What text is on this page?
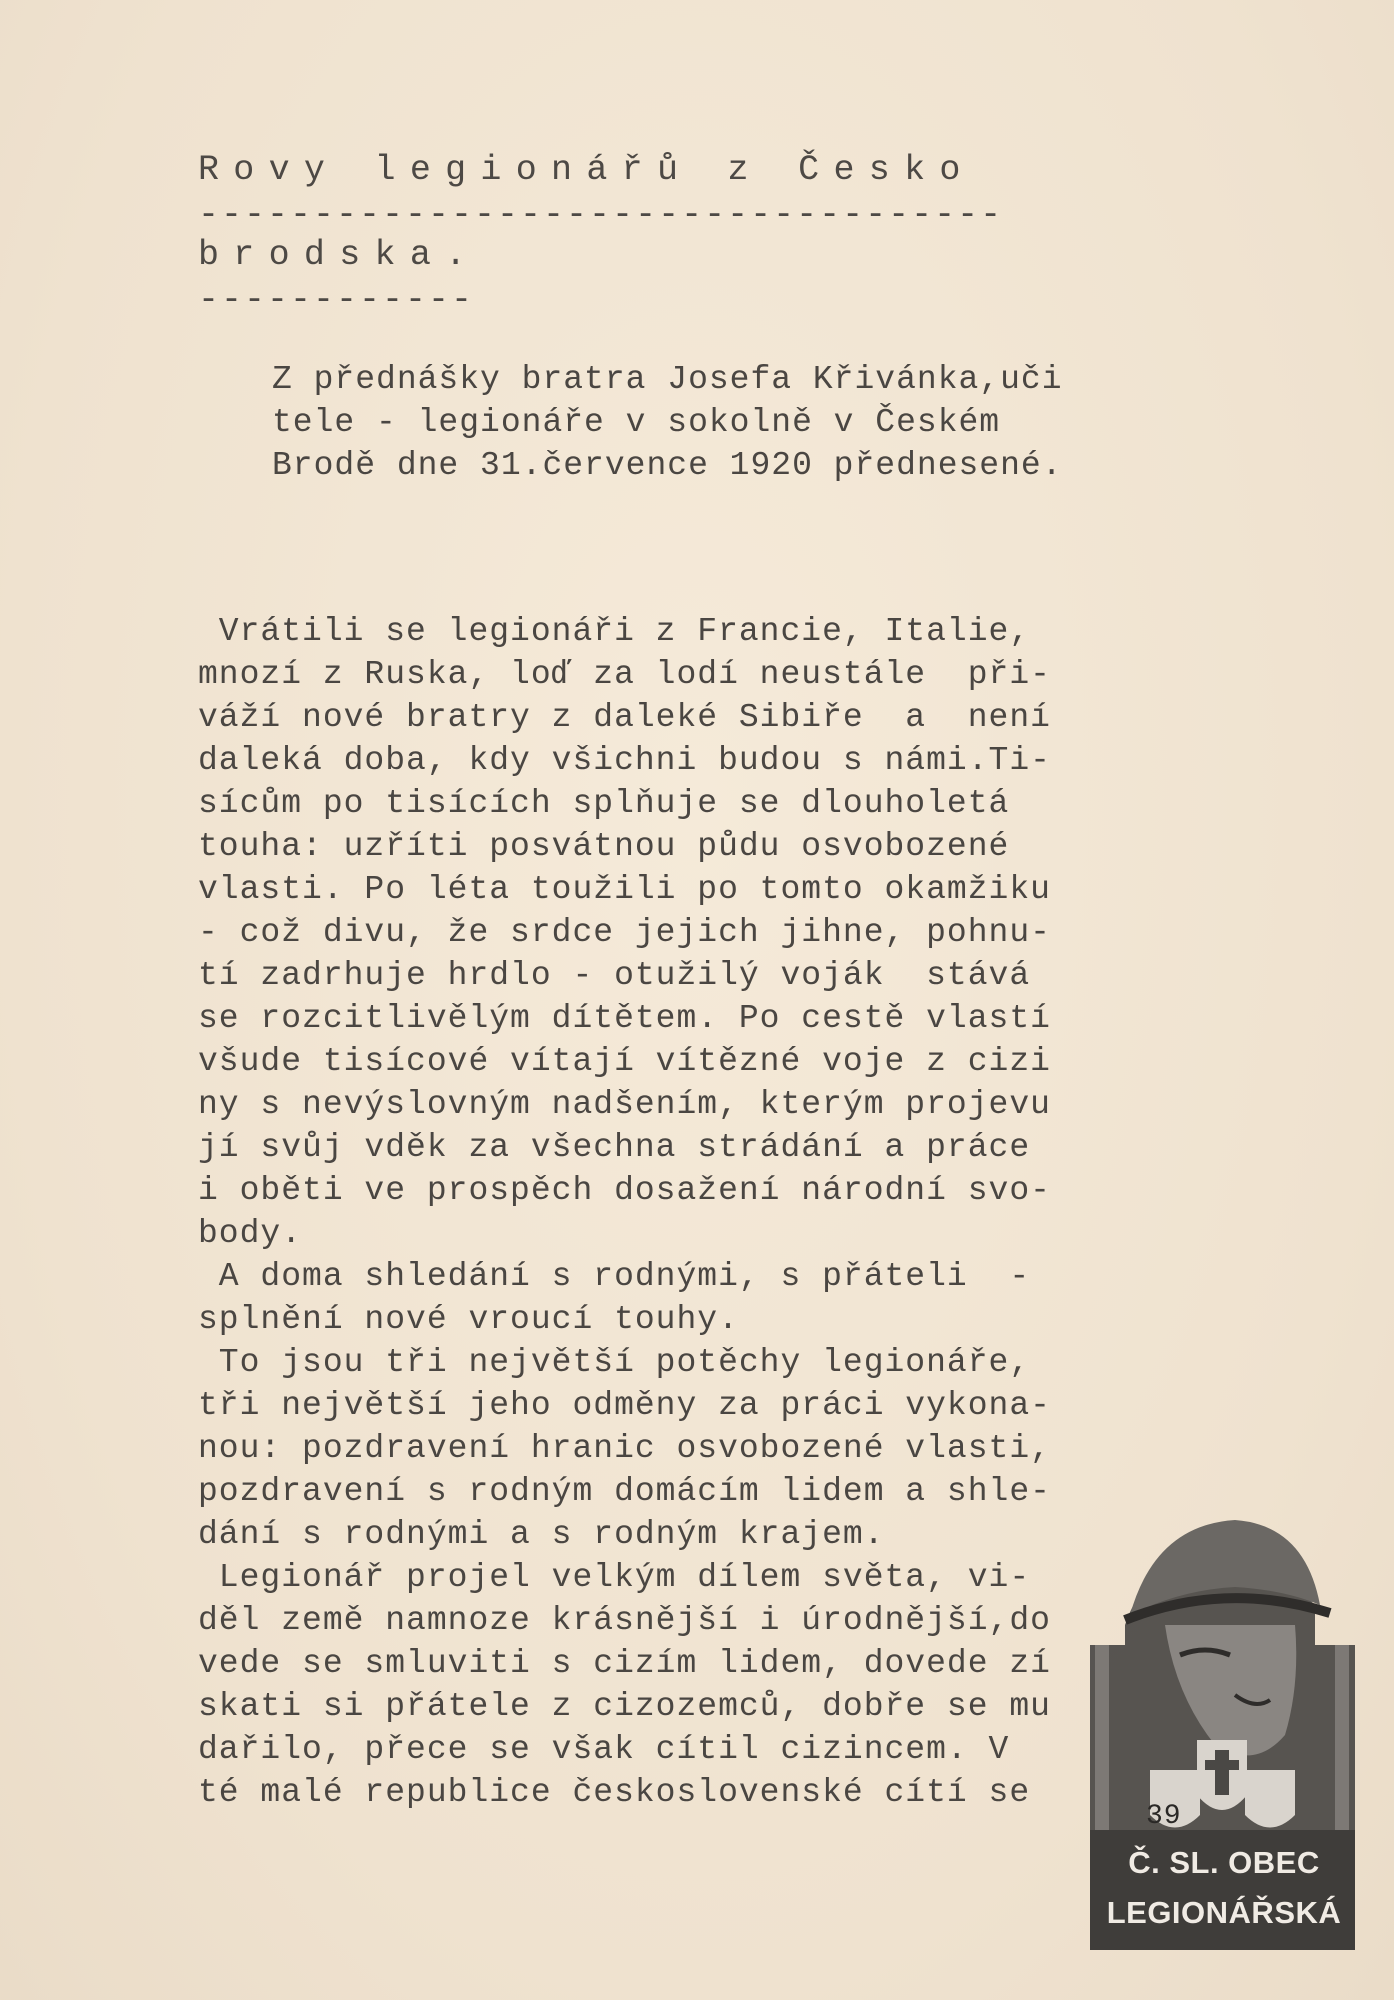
Rovy legionářů z Česko
-----------------------------------
brodska.
------------
Z přednášky bratra Josefa Křivánka,uči
tele - legionáře v sokolně v Českém
Brodě dne 31.července 1920 přednesené.
Vrátili se legionáři z Francie, Italie,
mnozí z Ruska, loď za lodí neustále  při-
váží nové bratry z daleké Sibiře  a  není
daleká doba, kdy všichni budou s námi.Ti-
sícům po tisících splňuje se dlouholetá
touha: uzříti posvátnou půdu osvobozené
vlasti. Po léta toužili po tomto okamžiku
- což divu, že srdce jejich jihne, pohnu-
tí zadrhuje hrdlo - otužilý voják  stává
se rozcitlivělým dítětem. Po cestě vlastí
všude tisícové vítají vítězné voje z cizi
ny s nevýslovným nadšením, kterým projevu
jí svůj vděk za všechna strádání a práce
i oběti ve prospěch dosažení národní svo-
body.
A doma shledání s rodnými, s přáteli  -
splnění nové vroucí touhy.
To jsou tři největší potěchy legionáře,
tři největší jeho odměny za práci vykona-
nou: pozdravení hranic osvobozené vlasti,
pozdravení s rodným domácím lidem a shle-
dání s rodnými a s rodným krajem.
Legionář projel velkým dílem světa, vi-
děl země namnoze krásnější i úrodnější,do
vede se smluviti s cizím lidem, dovede zí
skati si přátele z cizozemců, dobře se mu
dařilo, přece se však cítil cizincem. V
té malé republice československé cítí se
Č. SL. OBEC
LEGIONÁŘSKÁ
39
